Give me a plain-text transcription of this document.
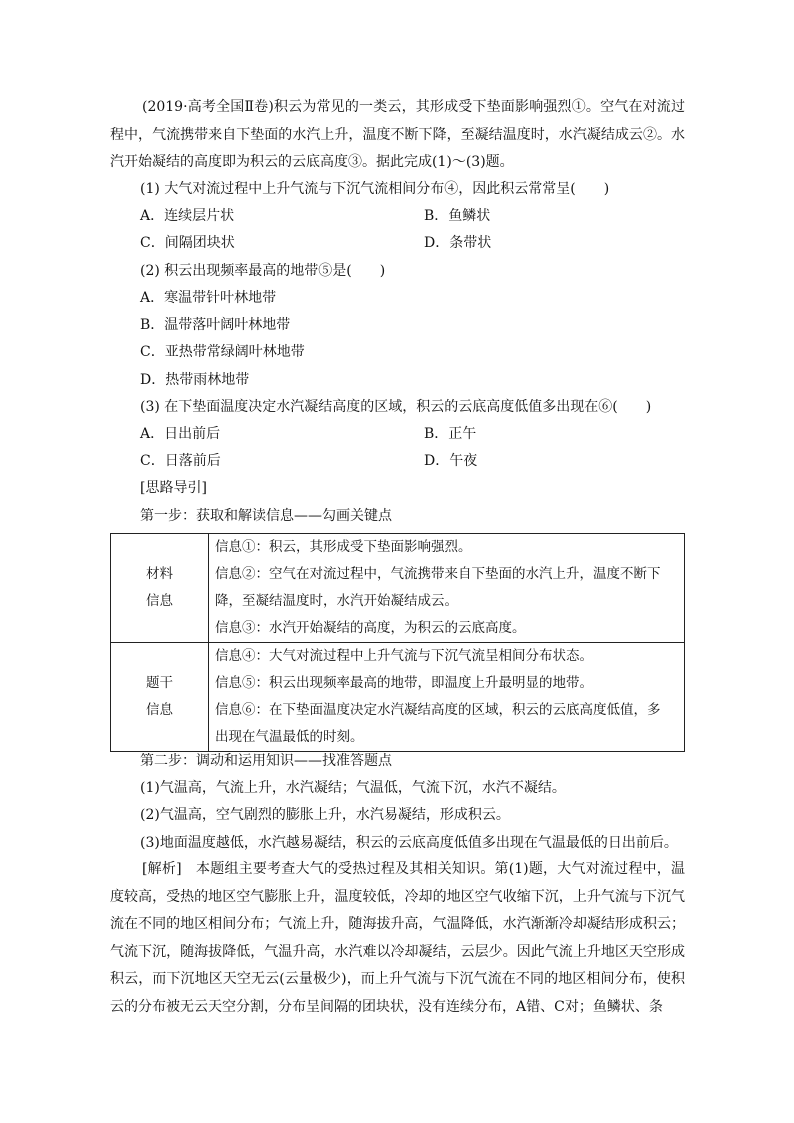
(2019·高考全国Ⅱ卷)积云为常见的一类云，其形成受下垫面影响强烈①。空气在对流过程中，气流携带来自下垫面的水汽上升，温度不断下降，至凝结温度时，水汽凝结成云②。水汽开始凝结的高度即为积云的云底高度③。据此完成(1)～(3)题。
(1) 大气对流过程中上升气流与下沉气流相间分布④，因此积云常常呈(　　)
A．连续层片状	B．鱼鳞状
C．间隔团块状	D．条带状
(2) 积云出现频率最高的地带⑤是(　　)
A．寒温带针叶林地带
B．温带落叶阔叶林地带
C．亚热带常绿阔叶林地带
D．热带雨林地带
(3) 在下垫面温度决定水汽凝结高度的区域，积云的云底高度低值多出现在⑥(　　)
A．日出前后	B．正午
C．日落前后	D．午夜
[思路导引]
第一步：获取和解读信息——勾画关键点
材料
信息	信息①：积云，其形成受下垫面影响强烈。
信息②：空气在对流过程中，气流携带来自下垫面的水汽上升，温度不断下
降，至凝结温度时，水汽开始凝结成云。
信息③：水汽开始凝结的高度，为积云的云底高度。

题干
信息	信息④：大气对流过程中上升气流与下沉气流呈相间分布状态。
信息⑤：积云出现频率最高的地带，即温度上升最明显的地带。
信息⑥：在下垫面温度决定水汽凝结高度的区域，积云的云底高度低值，多
出现在气温最低的时刻。
第二步：调动和运用知识——找准答题点
(1)气温高，气流上升，水汽凝结；气温低，气流下沉，水汽不凝结。
(2)气温高，空气剧烈的膨胀上升，水汽易凝结，形成积云。
(3)地面温度越低，水汽越易凝结，积云的云底高度低值多出现在气温最低的日出前后。
[解析]　本题组主要考查大气的受热过程及其相关知识。第(1)题，大气对流过程中，温度较高，受热的地区空气膨胀上升，温度较低，冷却的地区空气收缩下沉，上升气流与下沉气流在不同的地区相间分布；气流上升，随海拔升高，气温降低，水汽渐渐冷却凝结形成积云；气流下沉，随海拔降低，气温升高，水汽难以冷却凝结，云层少。因此气流上升地区天空形成积云，而下沉地区天空无云(云量极少)，而上升气流与下沉气流在不同的地区相间分布，使积云的分布被无云天空分割，分布呈间隔的团块状，没有连续分布，A错、C对；鱼鳞状、条
